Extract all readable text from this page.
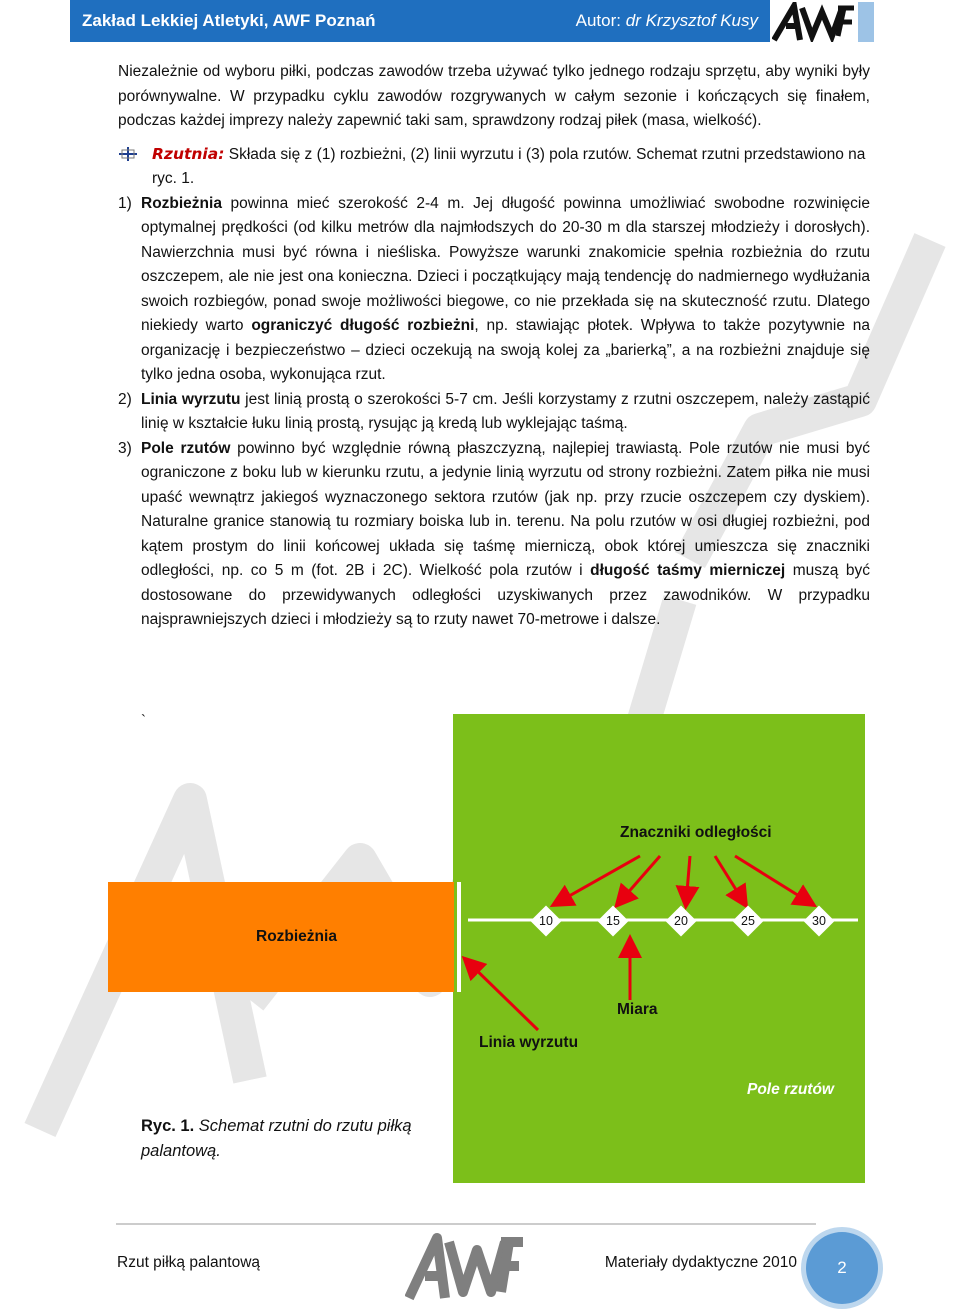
Zakład Lekkiej Atletyki, AWF Poznań	Autor: dr Krzysztof Kusy

Niezależnie od wyboru piłki, podczas zawodów trzeba używać tylko jednego rodzaju sprzętu, aby wyniki były porównywalne. W przypadku cyklu zawodów rozgrywanych w całym sezonie i kończących się finałem, podczas każdej imprezy należy zapewnić taki sam, sprawdzony rodzaj piłek (masa, wielkość).

Rzutnia: Składa się z (1) rozbieżni, (2) linii wyrzutu i (3) pola rzutów. Schemat rzutni przedstawiono na ryc. 1.
1) Rozbieżnia powinna mieć szerokość 2-4 m. Jej długość powinna umożliwiać swobodne rozwinięcie optymalnej prędkości (od kilku metrów dla najmłodszych do 20-30 m dla starszej młodzieży i dorosłych). Nawierzchnia musi być równa i nieśliska. Powyższe warunki znakomicie spełnia rozbieżnia do rzutu oszczepem, ale nie jest ona konieczna. Dzieci i początkujący mają tendencję do nadmiernego wydłużania swoich rozbiegów, ponad swoje możliwości biegowe, co nie przekłada się na skuteczność rzutu. Dlatego niekiedy warto ograniczyć długość rozbieżni, np. stawiając płotek. Wpływa to także pozytywnie na organizację i bezpieczeństwo – dzieci oczekują na swoją kolej za „barierką”, a na rozbieżni znajduje się tylko jedna osoba, wykonująca rzut.
2) Linia wyrzutu jest linią prostą o szerokości 5-7 cm. Jeśli korzystamy z rzutni oszczepem, należy zastąpić linię w kształcie łuku linią prostą, rysując ją kredą lub wyklejając taśmą.
3) Pole rzutów powinno być względnie równą płaszczyzną, najlepiej trawiastą. Pole rzutów nie musi być ograniczone z boku lub w kierunku rzutu, a jedynie linią wyrzutu od strony rozbieżni. Zatem piłka nie musi upaść wewnątrz jakiegoś wyznaczonego sektora rzutów (jak np. przy rzucie oszczepem czy dyskiem). Naturalne granice stanowią tu rozmiary boiska lub in. terenu. Na polu rzutów w osi długiej rozbieżni, pod kątem prostym do linii końcowej układa się taśmę mierniczą, obok której umieszcza się znaczniki odległości, np. co 5 m (fot. 2B i 2C). Wielkość pola rzutów i długość taśmy mierniczej muszą być dostosowane do przewidywanych odległości uzyskiwanych przez zawodników. W przypadku najsprawniejszych dzieci i młodzieży są to rzuty nawet 70-metrowe i dalsze.
`
Znaczniki odległości
Rozbieżnia
10	15	20	25	30
Miara
Linia wyrzutu
Pole rzutów
Ryc. 1. Schemat rzutni do rzutu piłką palantową.
Rzut piłką palantową	Materiały dydaktyczne 2010	2
